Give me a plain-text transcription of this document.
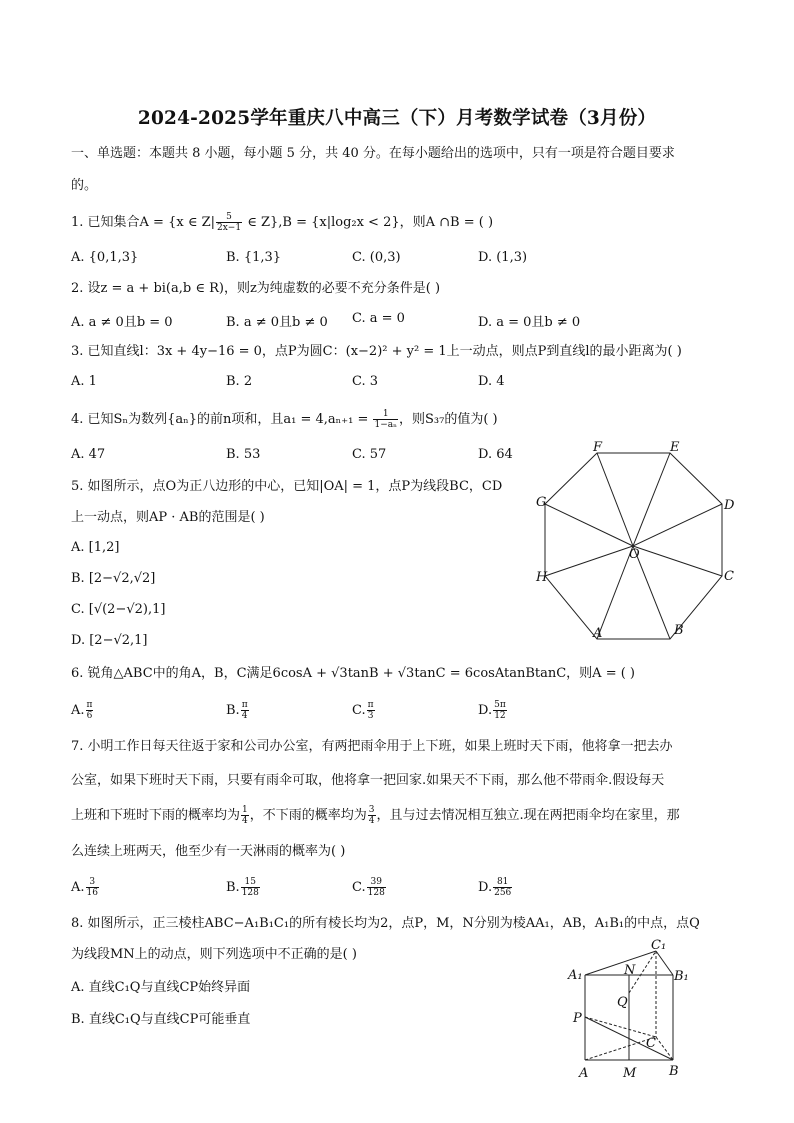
2024-2025学年重庆八中高三（下）月考数学试卷（3月份）
一、单选题：本题共 8 小题，每小题 5 分，共 40 分。在每小题给出的选项中，只有一项是符合题目要求
的。
1. 已知集合A = {x ∈ $Z| \frac{5}{2x-1}$ ∈ Z},B = {x|log₂x < 2}，则A ∩B = ( )
A. {0,1,3}	B. {1,3}	C. (0,3)	D. (1,3)
2. 设z = a + bi(a,b ∈ R)，则z为纯虚数的必要不充分条件是( )
A. a ≠ 0且b = 0	B. a ≠ 0且b ≠ 0 C. a = 0	D. a = 0且b ≠ 0
3. 已知直线l：3x + 4y−16 = 0，点P为圆C：(x−2)² + y² = 1上一动点，则点P到直线l的最小距离为( )
A. 1	B. 2	C. 3	D. 4
4. 已知Sₙ为数列{aₙ}的前n项和，且$a_1 = 4,a_{n+1} = \frac{1}{\text{1−aₙ}}$ ，则S₃₇的值为( )
A. 47	B. 53	C. 57	D. 64
5. 如图所示，点O为正八边形的中心，已知|OA| = 1，点P为线段BC，CD
上一动点，则AP · AB的范围是( )
A. [1,2]
B. [2−√2,√2]
C. [√(2−√2),1]
D. [2−√2,1]	A	B
C
D
E
F
G
H
O
6. 锐角△ABC中的角A，B，C满足6cosA + √3tanB + √3tanC = 6cosAtanBtanC，则A = ( )
A. $\frac{\pi}{6}$	B. $\frac{\pi}{4}$	C. $\frac{\pi}{3}$	D. $\frac{5\pi}{12}$
7. 小明工作日每天往返于家和公司办公室，有两把雨伞用于上下班，如果上班时天下雨，他将拿一把去办
公室，如果下班时天下雨，只要有雨伞可取，他将拿一把回家.如果天不下雨，那么他不带雨伞.假设每天
上班和下班时下雨的概率均为 $\frac{1}{4}$ ，不下雨的概率均为 $\frac{3}{4}$ ，且与过去情况相互独立.现在两把雨伞均在家里，那
么连续上班两天，他至少有一天淋雨的概率为( )
A. $\frac{3}{16}$	B. $\frac{15}{128}$	C. $\frac{39}{128}$	D. $\frac{81}{256}$
8. 如图所示，正三棱柱ABC−A₁B₁C₁的所有棱长均为2，点P，M，N分别为棱AA₁，AB，A₁B₁的中点，点Q
为线段MN上的动点，则下列选项中不正确的是( )
A. 直线C₁Q与直线CP始终异面
B. 直线C₁Q与直线CP可能垂直
A	M	B
P
Q
C
A₁	N
C₁
B₁
